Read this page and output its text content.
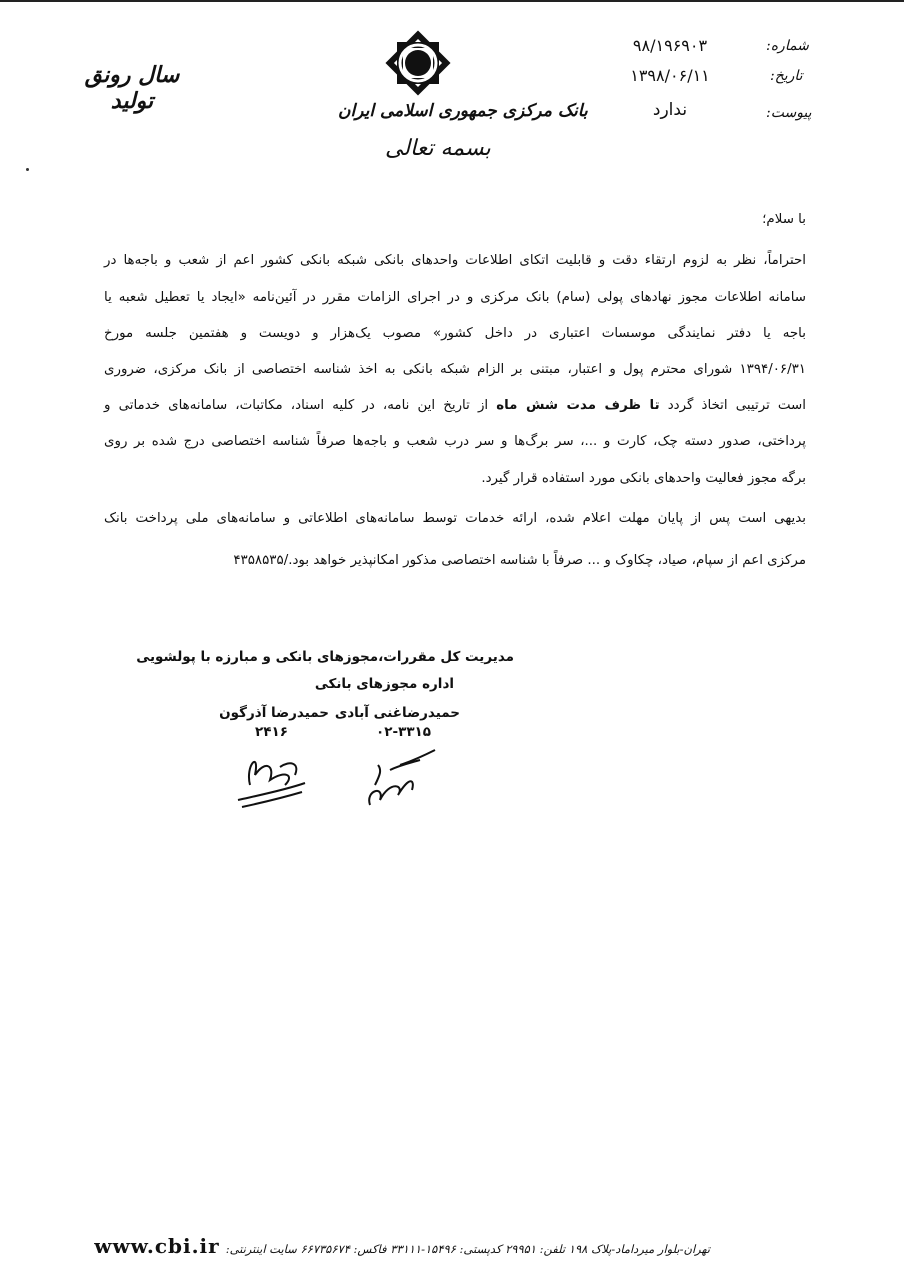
شماره:
۹۸/۱۹۶۹۰۳
تاریخ:
۱۳۹۸/۰۶/۱۱
پیوست:
ندارد
بانک مرکزی جمهوری اسلامی ایران
بسمه تعالی
سال رونق
تولید
با سلام؛
احتراماً، نظر به لزوم ارتقاء دقت و قابلیت اتکای اطلاعات واحدهای بانکی شبکه بانکی کشور اعم از شعب و باجه‌ها در
سامانه اطلاعات مجوز نهادهای پولی (سام) بانک مرکزی و در اجرای الزامات مقرر در آئین‌نامه «ایجاد یا تعطیل شعبه یا
باجه یا دفتر نمایندگی موسسات اعتباری در داخل کشور» مصوب یک‌هزار و دویست و هفتمین جلسه مورخ
۱۳۹۴/۰۶/۳۱ شورای محترم پول و اعتبار، مبتنی بر الزام شبکه بانکی به اخذ شناسه اختصاصی از بانک مرکزی، ضروری
است ترتیبی اتخاذ گردد تا ظرف مدت شش ماه از تاریخ این نامه، در کلیه اسناد، مکاتبات، سامانه‌های خدماتی و
پرداختی، صدور دسته چک، کارت و ...، سر برگ‌ها و سر درب شعب و باجه‌ها صرفاً شناسه اختصاصی درج شده بر روی
برگه مجوز فعالیت واحدهای بانکی مورد استفاده قرار گیرد.
بدیهی است پس از پایان مهلت اعلام شده، ارائه خدمات توسط سامانه‌های اطلاعاتی و سامانه‌های ملی پرداخت بانک
مرکزی اعم از سپام، صیاد، چکاوک و ... صرفاً با شناسه اختصاصی مذکور امکانپذیر خواهد بود./۴۳۵۸۵۳۵
مدیریت کل مقررات،مجوزهای بانکی و مبارزه با پولشویی
اداره مجوزهای بانکی
حمیدرضاغنی آبادی
حمیدرضا آذرگون
۰۲-۳۳۱۵
۲۴۱۶
تهران-بلوار میرداماد-پلاک ۱۹۸ تلفن: ۲۹۹۵۱ کدپستی: ۱۵۴۹۶-۳۳۱۱۱ فاکس: ۶۶۷۳۵۶۷۴ سایت اینترنتی:
www.cbi.ir
